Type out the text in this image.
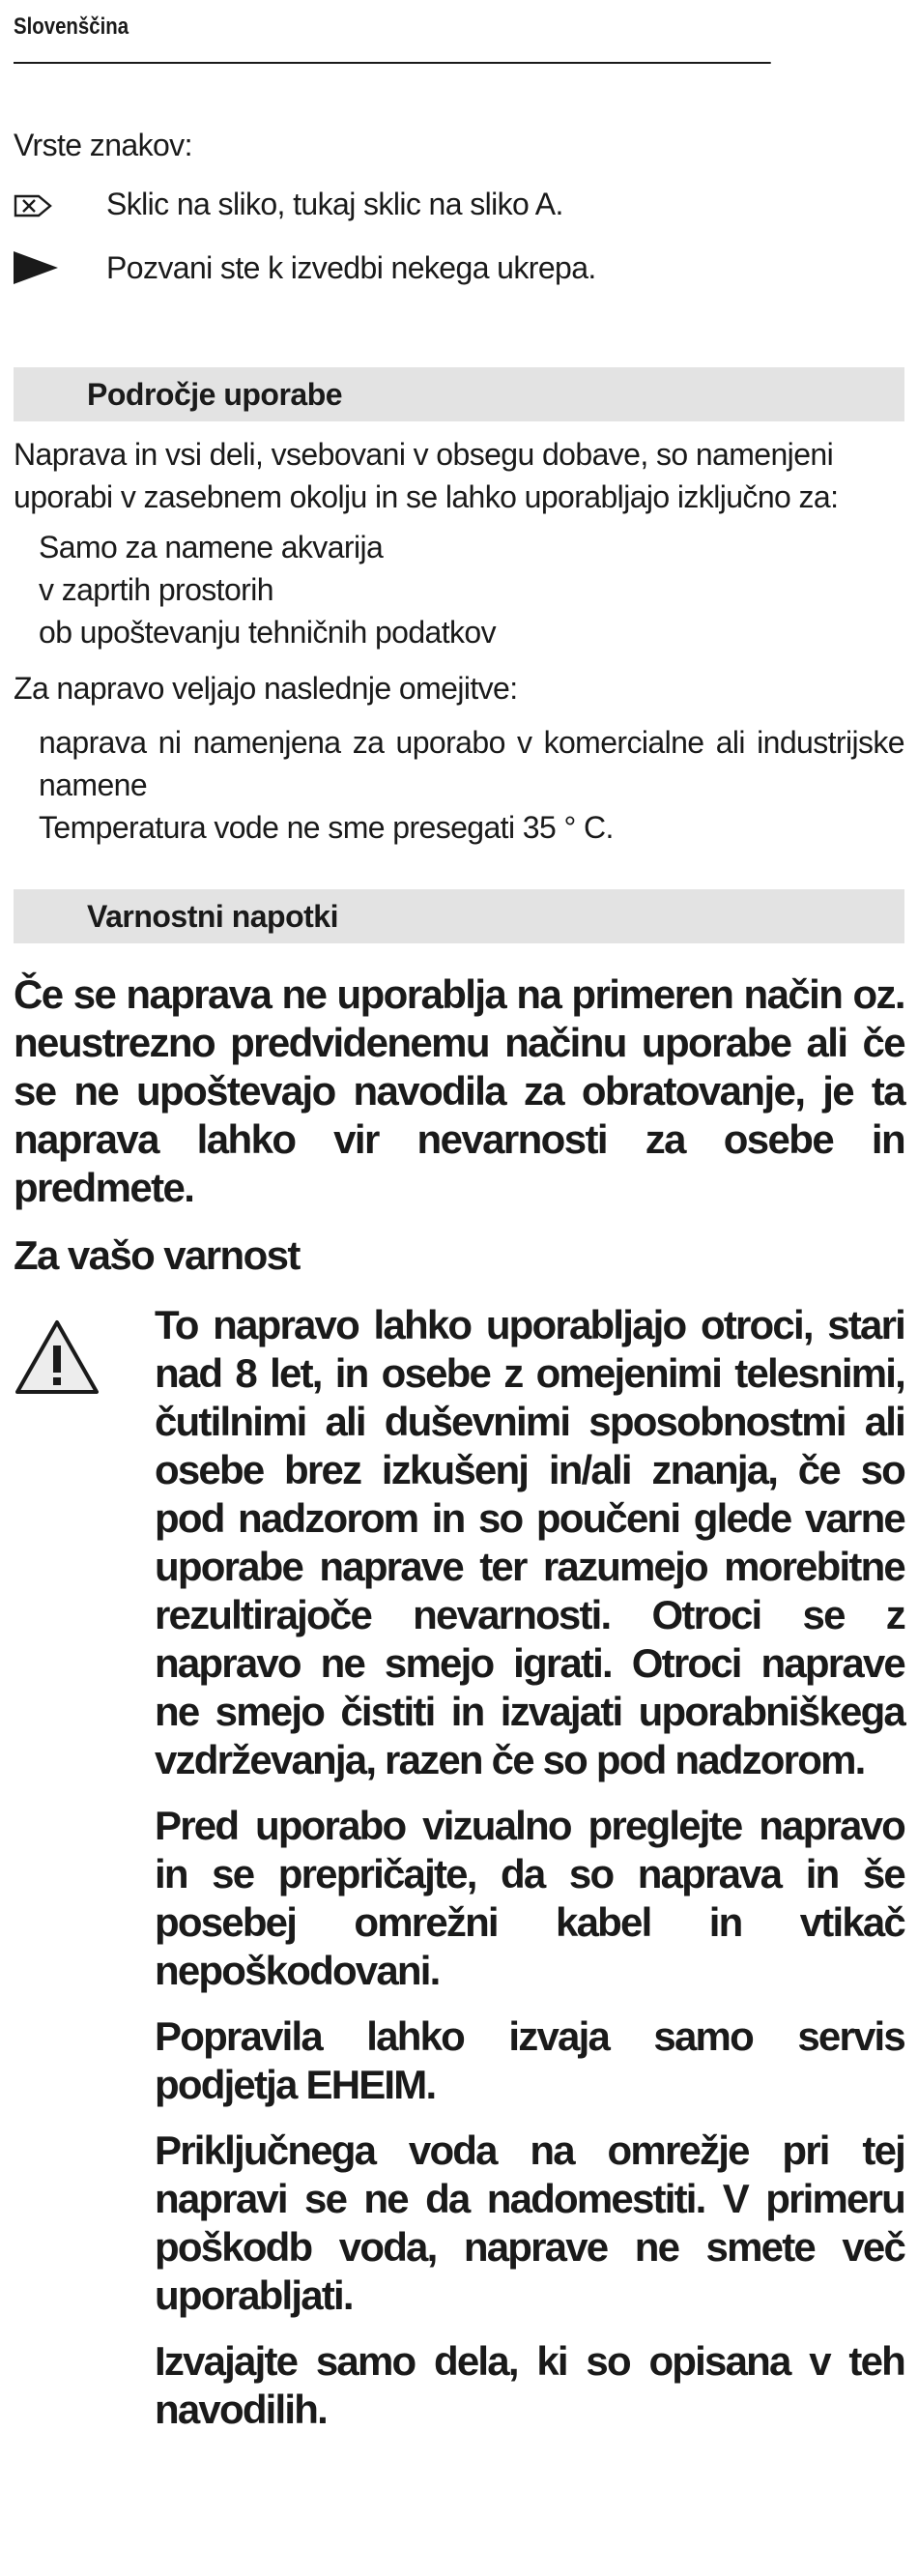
Slovenščina

Vrste znakov:

Sklic na sliko, tukaj sklic na sliko A.
Pozvani ste k izvedbi nekega ukrepa.
Področje uporabe

Naprava in vsi deli, vsebovani v obsegu dobave, so namenjeni uporabi v zasebnem okolju in se lahko uporabljajo izključno za:

Samo za namene akvarija

v zaprtih prostorih

ob upoštevanju tehničnih podatkov

Za napravo veljajo naslednje omejitve:

naprava ni namenjena za uporabo v komercialne ali industrijske namene

Temperatura vode ne sme presegati 35 ° C.

Varnostni napotki

Če se naprava ne uporablja na primeren način oz. neustrezno predvidenemu načinu uporabe ali če se ne upoštevajo navodila za obratovanje, je ta naprava lahko vir nevarnosti za osebe in predmete.

Za vašo varnost

To napravo lahko uporabljajo otroci, stari nad 8 let, in osebe z omejenimi telesnimi, čutilnimi ali duševnimi sposobnostmi ali osebe brez izkušenj in/ali znanja, če so pod nadzorom in so poučeni glede varne uporabe naprave ter razumejo morebitne rezultirajoče nevarnosti. Otroci se z napravo ne smejo igrati. Otroci naprave ne smejo čistiti in izvajati uporabniškega vzdrževanja, razen če so pod nadzorom.

Pred uporabo vizualno preglejte napravo in se prepričajte, da so naprava in še posebej omrežni kabel in vtikač nepoškodovani.

Popravila lahko izvaja samo servis podjetja EHEIM.

Priključnega voda na omrežje pri tej napravi se ne da nadomestiti. V primeru poškodb voda, naprave ne smete več uporabljati.

Izvajajte samo dela, ki so opisana v teh navodilih.
